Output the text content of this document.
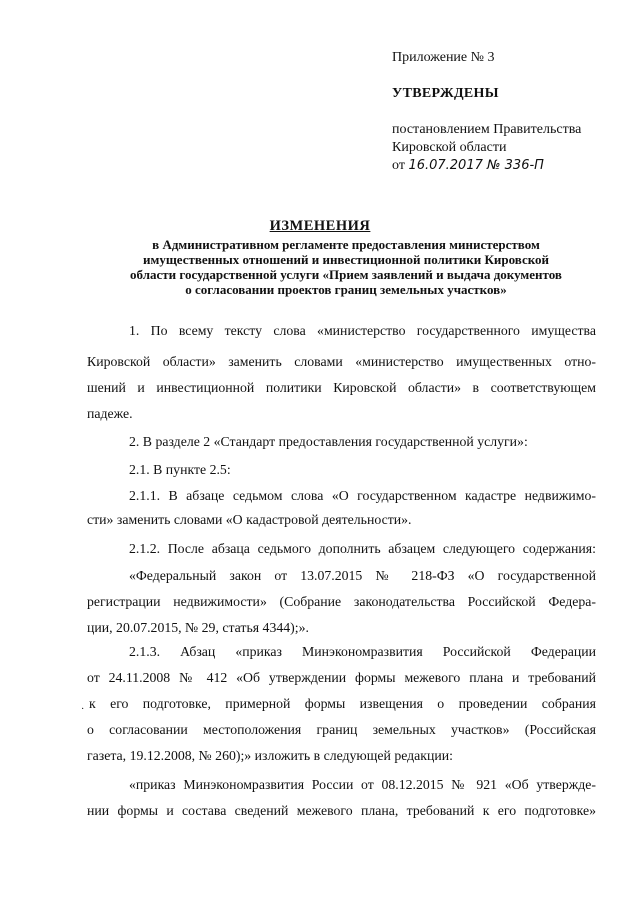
Приложение № 3
УТВЕРЖДЕНЫ
постановлением Правительства
Кировской области
от 16.07.2017 № 336-П
ИЗМЕНЕНИЯ
в Административном регламенте предоставления министерством
имущественных отношений и инвестиционной политики Кировской
области государственной услуги «Прием заявлений и выдача документов
о согласовании проектов границ земельных участков»
1. По всему тексту слова «министерство государственного имущества
Кировской области» заменить словами «министерство имущественных отно-
шений и инвестиционной политики Кировской области» в соответствующем
падеже.
2. В разделе 2 «Стандарт предоставления государственной услуги»:
2.1. В пункте 2.5:
2.1.1. В абзаце седьмом слова «О государственном кадастре недвижимо-
сти» заменить словами «О кадастровой деятельности».
2.1.2. После абзаца седьмого дополнить абзацем следующего содержания:
«Федеральный закон от 13.07.2015 № 218-ФЗ «О государственной
регистрации недвижимости» (Собрание законодательства Российской Федера-
ции, 20.07.2015, № 29, статья 4344);».
2.1.3. Абзац «приказ Минэкономразвития Российской Федерации
от 24.11.2008 № 412 «Об утверждении формы межевого плана и требований
· к его подготовке, примерной формы извещения о проведении собрания
о согласовании местоположения границ земельных участков» (Российская
газета, 19.12.2008, № 260);» изложить в следующей редакции:
«приказ Минэкономразвития России от 08.12.2015 № 921 «Об утвержде-
нии формы и состава сведений межевого плана, требований к его подготовке»
